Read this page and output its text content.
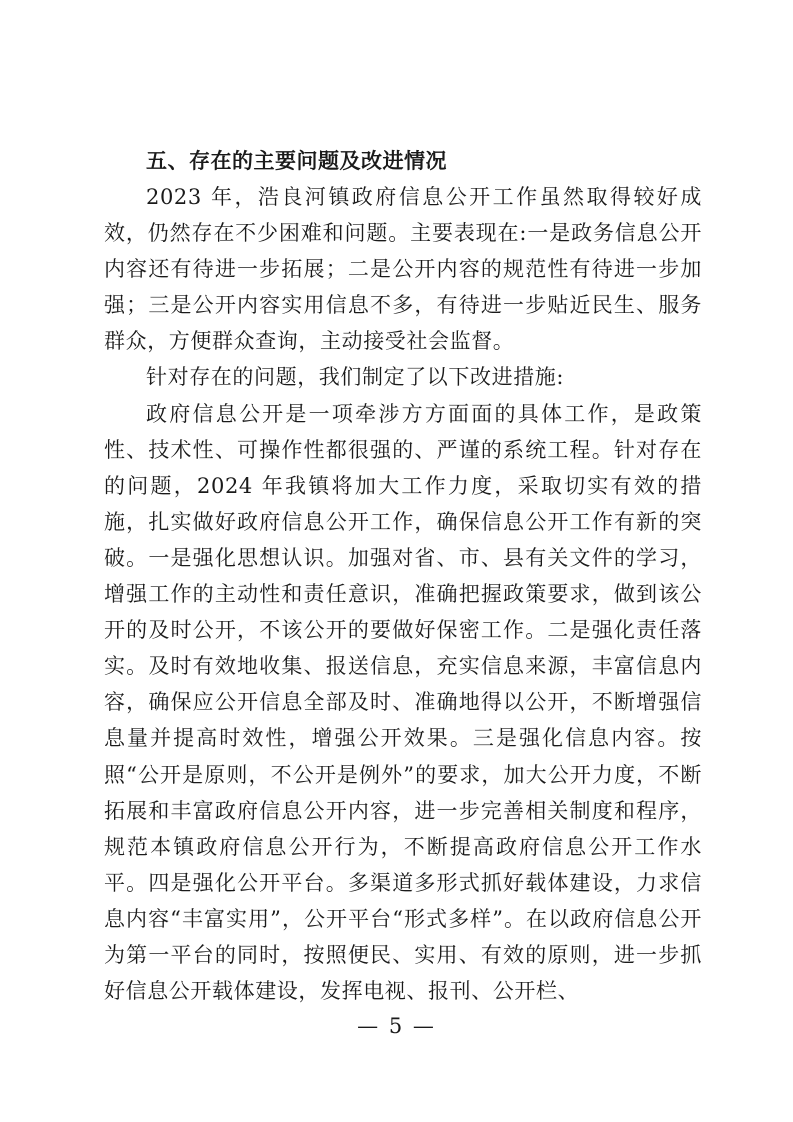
五、存在的主要问题及改进情况

2023 年，浩良河镇政府信息公开工作虽然取得较好成效，仍然存在不少困难和问题。主要表现在:一是政务信息公开内容还有待进一步拓展；二是公开内容的规范性有待进一步加强；三是公开内容实用信息不多，有待进一步贴近民生、服务群众，方便群众查询，主动接受社会监督。

针对存在的问题，我们制定了以下改进措施:

政府信息公开是一项牵涉方方面面的具体工作，是政策性、技术性、可操作性都很强的、严谨的系统工程。针对存在的问题，2024 年我镇将加大工作力度，采取切实有效的措施，扎实做好政府信息公开工作，确保信息公开工作有新的突破。一是强化思想认识。加强对省、市、县有关文件的学习，增强工作的主动性和责任意识，准确把握政策要求，做到该公开的及时公开，不该公开的要做好保密工作。二是强化责任落实。及时有效地收集、报送信息，充实信息来源，丰富信息内容，确保应公开信息全部及时、准确地得以公开，不断增强信息量并提高时效性，增强公开效果。三是强化信息内容。按照“公开是原则，不公开是例外”的要求，加大公开力度，不断拓展和丰富政府信息公开内容，进一步完善相关制度和程序，规范本镇政府信息公开行为，不断提高政府信息公开工作水平。四是强化公开平台。多渠道多形式抓好载体建设，力求信息内容“丰富实用”，公开平台“形式多样”。在以政府信息公开为第一平台的同时，按照便民、实用、有效的原则，进一步抓好信息公开载体建设，发挥电视、报刊、公开栏、

— 5 —
